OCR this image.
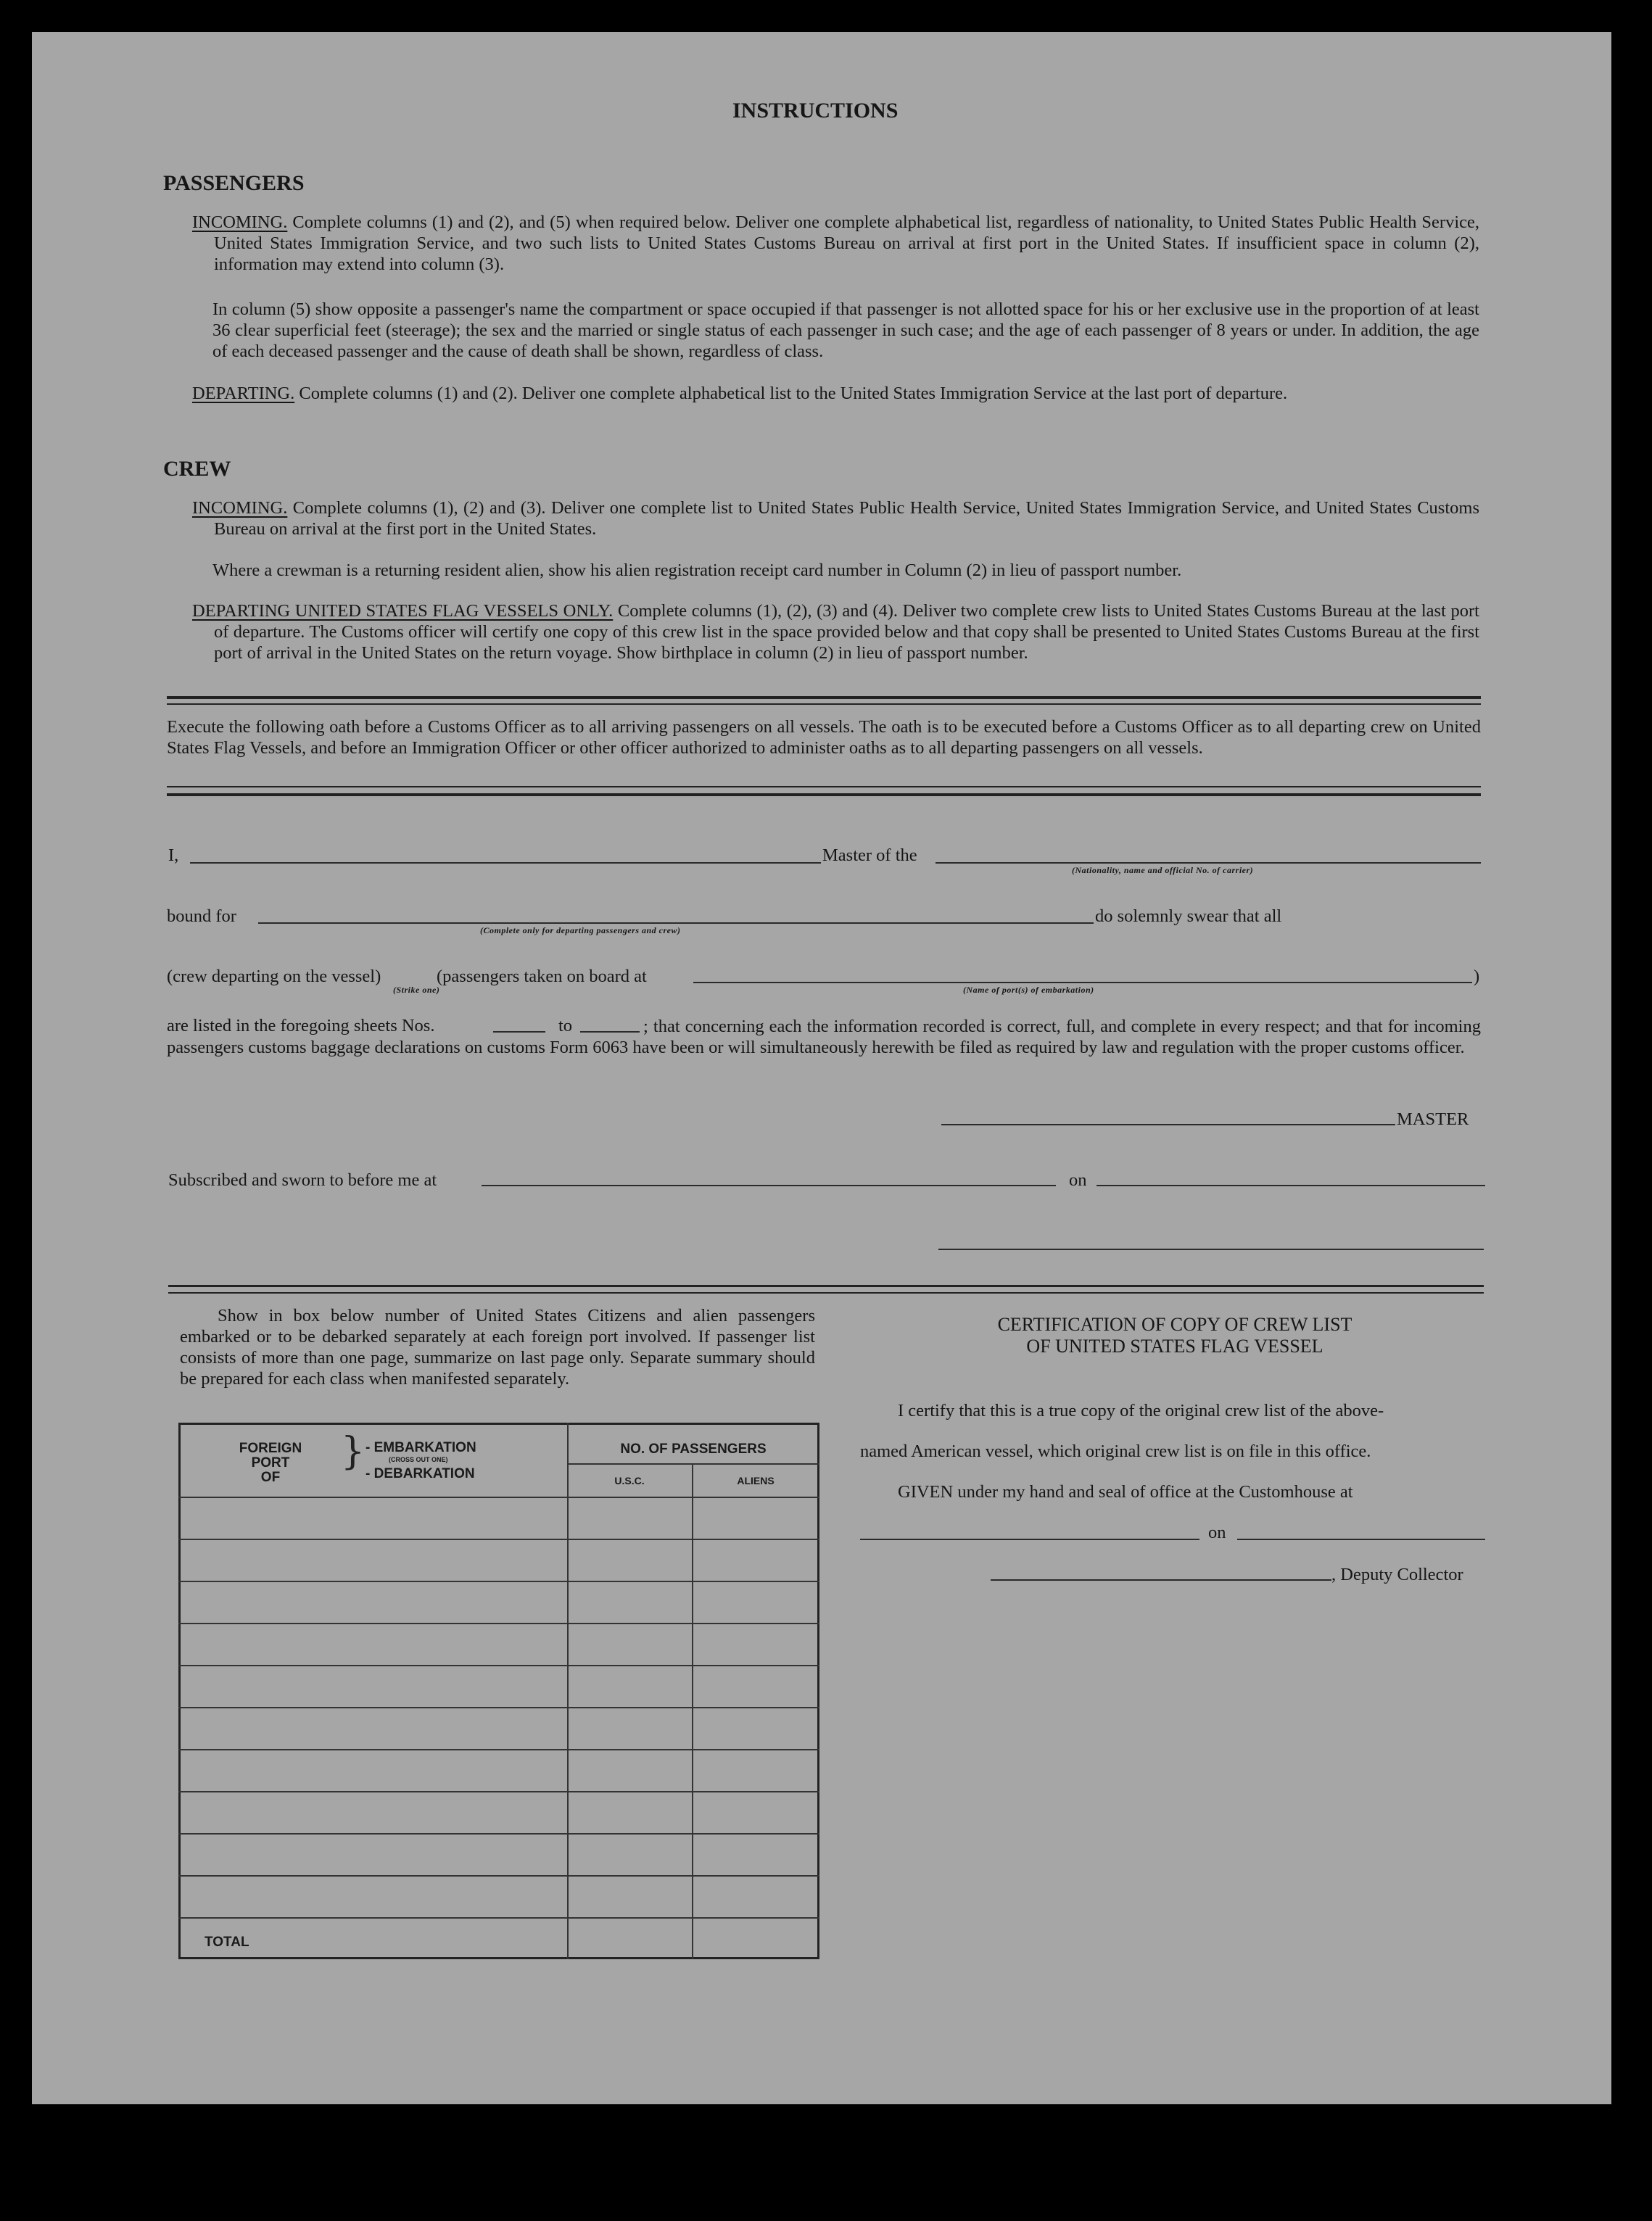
INSTRUCTIONS
PASSENGERS

INCOMING. Complete columns (1) and (2), and (5) when required below. Deliver one complete alphabetical list, regardless of nationality, to United States Public Health Service, United States Immigration Service, and two such lists to United States Customs Bureau on arrival at first port in the United States. If insufficient space in column (2), information may extend into column (3).

In column (5) show opposite a passenger's name the compartment or space occupied if that passenger is not allotted space for his or her exclusive use in the proportion of at least 36 clear superficial feet (steerage); the sex and the married or single status of each passenger in such case; and the age of each passenger of 8 years or under. In addition, the age of each deceased passenger and the cause of death shall be shown, regardless of class.

DEPARTING. Complete columns (1) and (2). Deliver one complete alphabetical list to the United States Immigration Service at the last port of departure.

CREW

INCOMING. Complete columns (1), (2) and (3). Deliver one complete list to United States Public Health Service, United States Immigration Service, and United States Customs Bureau on arrival at the first port in the United States.

Where a crewman is a returning resident alien, show his alien registration receipt card number in Column (2) in lieu of passport number.

DEPARTING UNITED STATES FLAG VESSELS ONLY. Complete columns (1), (2), (3) and (4). Deliver two complete crew lists to United States Customs Bureau at the last port of departure. The Customs officer will certify one copy of this crew list in the space provided below and that copy shall be presented to United States Customs Bureau at the first port of arrival in the United States on the return voyage. Show birthplace in column (2) in lieu of passport number.

Execute the following oath before a Customs Officer as to all arriving passengers on all vessels. The oath is to be executed before a Customs Officer as to all departing crew on United States Flag Vessels, and before an Immigration Officer or other officer authorized to administer oaths as to all departing passengers on all vessels.

I,	Master of the
(Nationality, name and official No. of carrier)
bound for
(Complete only for departing passengers and crew)
do solemnly swear that all
(crew departing on the vessel)	(passengers taken on board at	)
(Strike one)	(Name of port(s) of embarkation)
are listed in the foregoing sheets Nos.	to	; that concerning each the information recorded is correct, full, and complete in every respect; and that for incoming passengers customs baggage declarations on customs Form 6063 have been or will simultaneously herewith be filed as required by law and regulation with the proper customs officer.

MASTER
Subscribed and sworn to before me at	on

Show in box below number of United States Citizens and alien passengers embarked or to be debarked separately at each foreign port involved. If passenger list consists of more than one page, summarize on last page only. Separate summary should be prepared for each class when manifested separately.

FOREIGN
PORT
OF
} - EMBARKATION
(CROSS OUT ONE)
- DEBARKATION
NO. OF PASSENGERS
U.S.C.	ALIENS
TOTAL
CERTIFICATION OF COPY OF CREW LIST
OF UNITED STATES FLAG VESSEL
I certify that this is a true copy of the original crew list of the above-
named American vessel, which original crew list is on file in this office.
GIVEN under my hand and seal of office at the Customhouse at
on
, Deputy Collector
